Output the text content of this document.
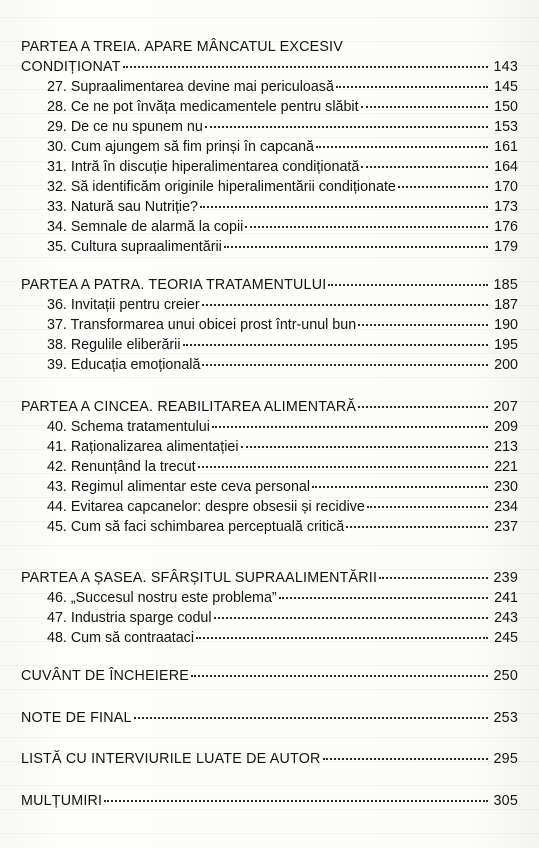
PARTEA A TREIA. APARE MÂNCATUL EXCESIV
CONDIȚIONAT	143
27. Supraalimentarea devine mai periculoasă	145
28. Ce ne pot învăța medicamentele pentru slăbit	150
29. De ce nu spunem nu	153
30. Cum ajungem să fim prinși în capcană	161
31. Intră în discuție hiperalimentarea condiționată	164
32. Să identificăm originile hiperalimentării condiționate	170
33. Natură sau Nutriție?	173
34. Semnale de alarmă la copii	176
35. Cultura supraalimentării	179
PARTEA A PATRA. TEORIA TRATAMENTULUI	185
36. Invitații pentru creier	187
37. Transformarea unui obicei prost într-unul bun	190
38. Regulile eliberării	195
39. Educația emoțională	200
PARTEA A CINCEA. REABILITAREA ALIMENTARĂ	207
40. Schema tratamentului	209
41. Raționalizarea alimentației	213
42. Renunțând la trecut	221
43. Regimul alimentar este ceva personal	230
44. Evitarea capcanelor: despre obsesii și recidive	234
45. Cum să faci schimbarea perceptuală critică	237
PARTEA A ȘASEA. SFÂRȘITUL SUPRAALIMENTĂRII	239
46. „Succesul nostru este problema”	241
47. Industria sparge codul	243
48. Cum să contraataci	245
CUVÂNT DE ÎNCHEIERE	250
NOTE DE FINAL	253
LISTĂ CU INTERVIURILE LUATE DE AUTOR	295
MULȚUMIRI	305
